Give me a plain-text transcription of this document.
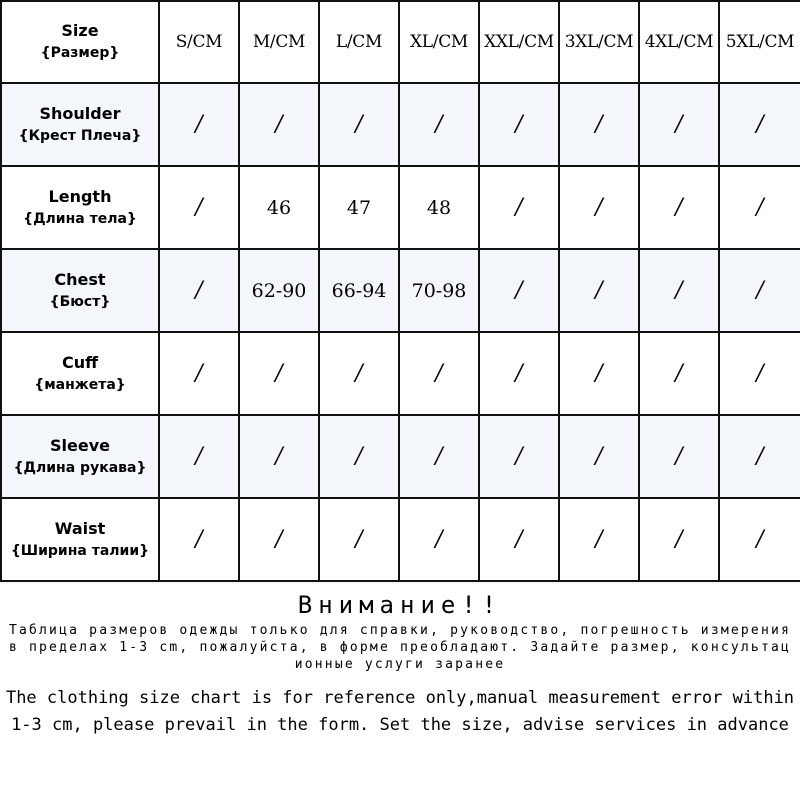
Size
{Размер}	S/CM	M/CM	L/CM	XL/CM	XXL/CM	3XL/CM	4XL/CM	5XL/CM

Shoulder
{Крест Плеча}	/	/	/	/	/	/	/	/

Length
{Длина тела}	/	46	47	48	/	/	/	/

Chest
{Бюст}	/	62-90	66-94	70-98	/	/	/	/

Cuff
{манжета}	/	/	/	/	/	/	/	/

Sleeve
{Длина рукава}	/	/	/	/	/	/	/	/

Waist
{Ширина талии}	/	/	/	/	/	/	/	/
Внимание!!
Таблица размеров одежды только для справки, руководство, погрешность измерения в пределах 1-3 cm, пожалуйста, в форме преобладают. Задайте размер, консультационные услуги заранее
The clothing size chart is for reference only,manual measurement error within 1-3 cm, please prevail in the form. Set the size, advise services in advance
